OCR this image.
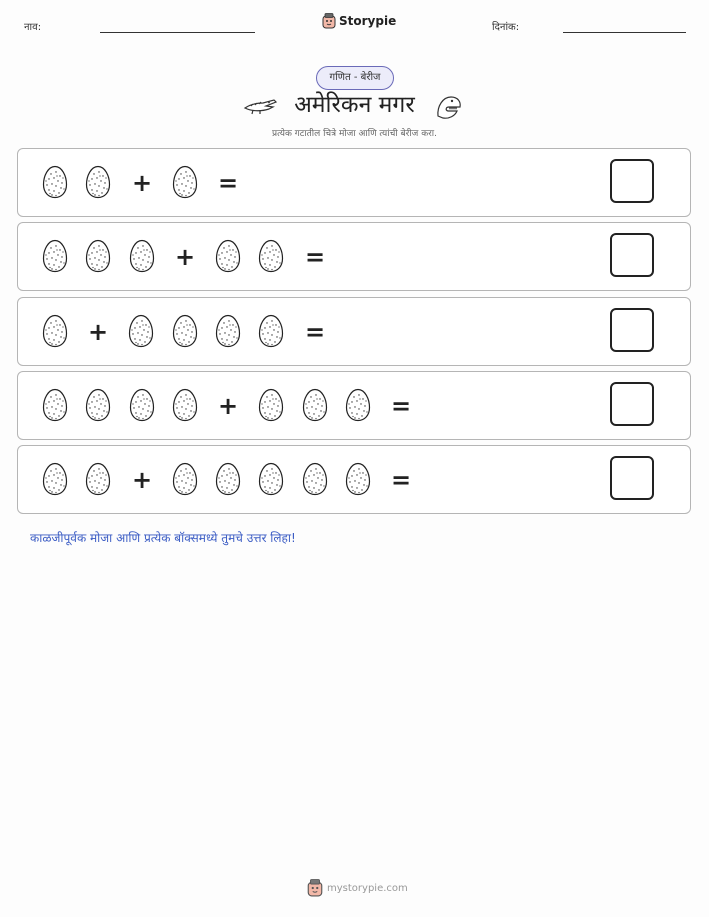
नाव:	Storypie	दिनांक:
गणित - बेरीज
अमेरिकन मगर
प्रत्येक गटातील चित्रे मोजा आणि त्यांची बेरीज करा.
+	=
+	=
+	=
+	=
+	=
काळजीपूर्वक मोजा आणि प्रत्येक बॉक्समध्ये तुमचे उत्तर लिहा!
mystorypie.com
